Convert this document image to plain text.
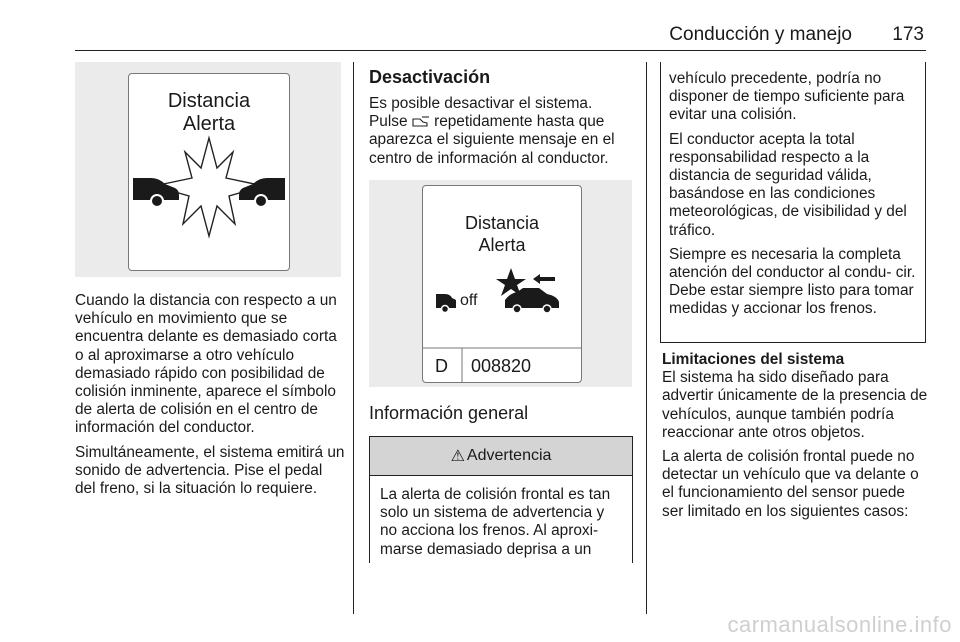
Conducción y manejo 173
Distancia
Alerta

Cuando la distancia con respecto a un vehículo en movimiento que se encuentra delante es demasiado corta o al aproximarse a otro vehículo demasiado rápido con posibilidad de colisión inminente, aparece el símbolo de alerta de colisión en el centro de información del conductor.

Simultáneamente, el sistema emitirá un sonido de advertencia. Pise el pedal del freno, si la situación lo requiere.

Desactivación
Es posible desactivar el sistema. Pulse repetidamente hasta que aparezca el siguiente mensaje en el centro de información al conductor.
Distancia
Alerta
off
D 008820
Información general
⚠ Advertencia
La alerta de colisión frontal es tan solo un sistema de advertencia y no acciona los frenos. Al aproxi- marse demasiado deprisa a un

vehículo precedente, podría no disponer de tiempo suficiente para evitar una colisión.

El conductor acepta la total responsabilidad respecto a la distancia de seguridad válida, basándose en las condiciones meteorológicas, de visibilidad y del tráfico.

Siempre es necesaria la completa atención del conductor al condu- cir. Debe estar siempre listo para tomar medidas y accionar los frenos.

Limitaciones del sistema

El sistema ha sido diseñado para advertir únicamente de la presencia de vehículos, aunque también podría reaccionar ante otros objetos.

La alerta de colisión frontal puede no detectar un vehículo que va delante o el funcionamiento del sensor puede ser limitado en los siguientes casos:

carmanualsonline.info
